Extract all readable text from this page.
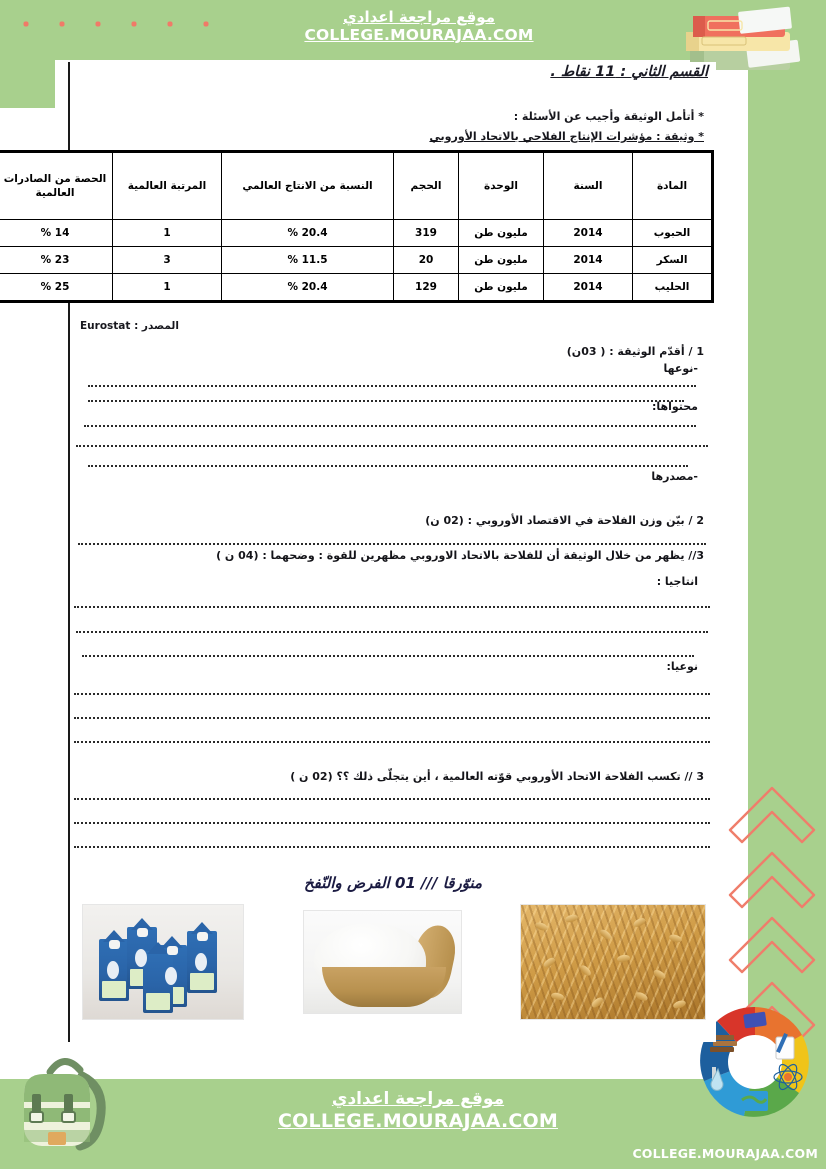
موقع مراجعة اعدادي
COLLEGE.MOURAJAA.COM
موقع مراجعة اعدادي
COLLEGE.MOURAJAA.COM
COLLEGE.MOURAJAA.COM
القسم الثاني : 11 نقاط .
* أتأمل الوثيقة وأجيب عن الأسئلة :
* وثيقة : مؤشرات الإنتاج الفلاحي بالاتحاد الأوروبي
المادة	السنة	الوحدة	الحجم	النسبة من الانتاج العالمي	المرتبة العالمية	الحصة من الصادرات العالمية
الحبوب	2014	مليون طن	319	20.4 %	1	14 %
السكر	2014	مليون طن	20	11.5 %	3	23 %
الحليب	2014	مليون طن	129	20.4 %	1	25 %
المصدر : Eurostat
1 / أقدّم الوثيقة : ( 03ن)
-نوعها
محتواها:
-مصدرها
2 / بيّن وزن الفلاحة في الاقتصاد الأوروبي : (02 ن)
3// يظهر من خلال الوثيقة أن للفلاحة بالاتحاد الاوروبي مظهرين للقوة : وضحهما : (04 ن )
انتاجيا :
نوعيا:
3 // تكسب الفلاحة الاتحاد الأوروبي قوّته العالمية ، أين يتجلّى ذلك ؟؟ (02 ن )
منوّرقا /// 01 الفرض والنّفخ
